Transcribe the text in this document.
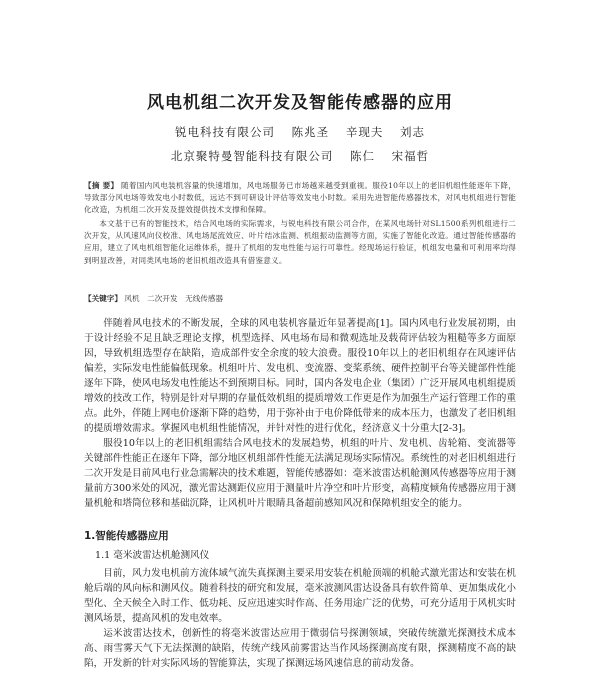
风电机组二次开发及智能传感器的应用
锐电科技有限公司 陈兆圣 辛现夫 刘志
北京聚特曼智能科技有限公司 陈仁 宋福哲
【摘 要】 随着国内风电装机容量的快速增加，风电场服务已市场越来越受到重视。服役10年以上的老旧机组性能逐年下降，导致部分风电场等效发电小时数低，远达不到可研设计评估等效发电小时数。采用先进智能传感器技术，对风电机组进行智能化改造，为机组二次开发及提效提供技术支撑和保障。
本文基于已有的智能技术，结合风电场的实际需求，与锐电科技有限公司合作，在某风电场针对SL1500系列机组进行二次开发，从风速风向仪校准、风电场尾流效应、叶片结冰监测、机组振动监测等方面，实施了智能化改造。通过智能传感器的应用，建立了风电机组智能化运维体系，提升了机组的发电性能与运行可靠性。经现场运行验证，机组发电量和可利用率均得到明显改善，对同类风电场的老旧机组改造具有借鉴意义。
【关键字】 风机　二次开发　无线传感器

伴随着风电技术的不断发展，全球的风电装机容量近年显著提高[1]。国内风电行业发展初期，由于设计经验不足且缺乏理论支撑，机型选择、风电场布局和微观选址及载荷评估较为粗糙等多方面原因，导致机组选型存在缺陷，造成部件安全余度的较大浪费。服役10年以上的老旧机组存在风速评估偏差，实际发电性能偏低现象。机组叶片、发电机、变流器、变桨系统、硬件控制平台等关键部件性能逐年下降，使风电场发电性能达不到预期目标。同时，国内各发电企业（集团）广泛开展风电机组提质增效的技改工作，特别是针对早期的存量低效机组的提质增效工作更是作为加强生产运行管理工作的重点。此外，伴随上网电价逐渐下降的趋势，用于弥补由于电价降低带来的成本压力，也激发了老旧机组的提质增效需求。掌握风电机组性能情况，并针对性的进行优化，经济意义十分重大[2-3]。

服役10年以上的老旧机组需结合风电技术的发展趋势，机组的叶片、发电机、齿轮箱、变流器等关键部件性能正在逐年下降，部分地区机组部件性能无法满足现场实际情况。系统性的对老旧机组进行二次开发是目前风电行业急需解决的技术难题，智能传感器如：毫米波雷达机舱测风传感器等应用于测量前方300米处的风况，激光雷达测距仪应用于测量叶片净空和叶片形变，高精度倾角传感器应用于测量机舱和塔筒位移和基础沉降，让风机叶片眼睛具备超前感知风况和保障机组安全的能力。

1.智能传感器应用
1.1 毫米波雷达机舱测风仪

目前，风力发电机前方流体域气流失真探测主要采用安装在机舱顶端的机舱式激光雷达和安装在机舱后端的风向标和测风仪。随着科技的研究和发展，毫米波测风雷达设备具有软件简单、更加集成化小型化、全天候全入时工作、低功耗、反应迅速实时作高、任务用途广泛的优势，可充分适用于风机实时测风场景，提高风机的发电效率。

运米波雷达技术，创新性的将毫米波雷达应用于微弱信号探测领域，突破传统激光探测技术成本高、雨雪雾天气下无法探测的缺陷，传统产线风前雾雷达当作风场探测高度有限，探测精度不高的缺陷，开发新的针对实际风场的智能算法，实现了探测远场风速信息的前动发备。
